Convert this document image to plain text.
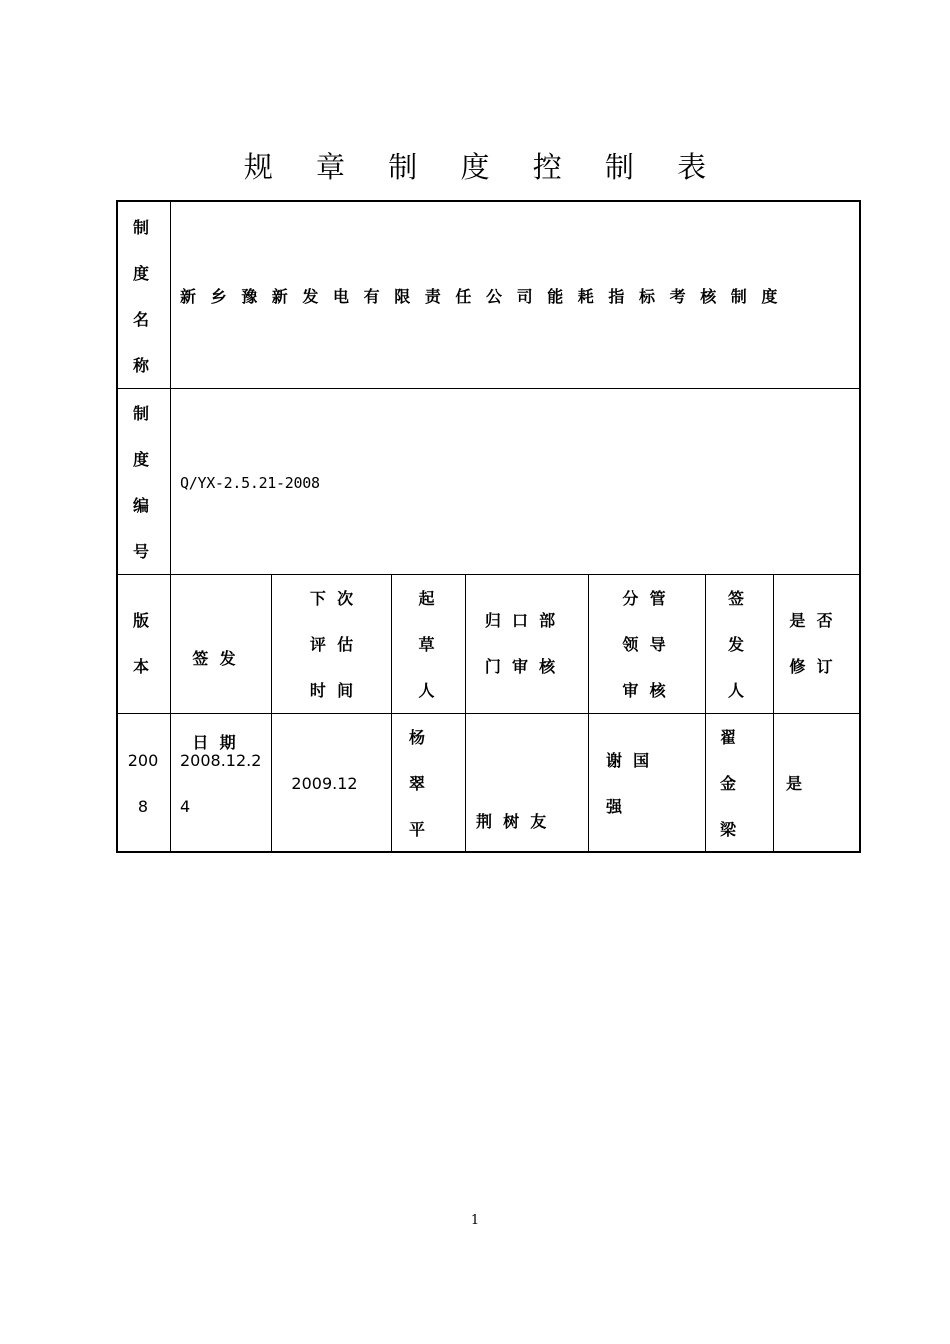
规 章 制 度 控 制 表
制
度
名
称
新乡豫新发电有限责任公司能耗指标考核制度
制
度
编
号
Q/YX-2.5.21-2008
版
本

	签  发

日  期

下  次
评  估
时  间
起
草
人
归  口  部
门  审  核
分  管
领  导
审  核
签
发
人
是  否
修  订
200
8
2008.12.2
4
2009.12
杨
翠
平

	荆  树  友

谢  国
强
翟
金
梁
是
1
